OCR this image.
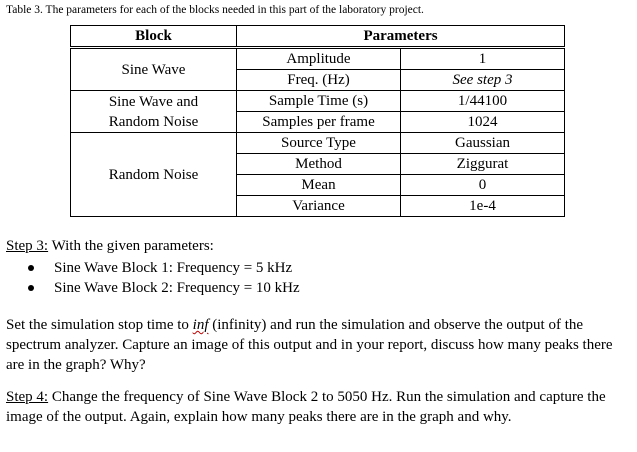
Table 3. The parameters for each of the blocks needed in this part of the laboratory project.
Block	Parameters	

Sine Wave	Amplitude	1
	Freq. (Hz)	See step 3

Sine Wave and
Random Noise	Sample Time (s)	1/44100
	Samples per frame	1024

Random Noise	Source Type	Gaussian
	Method	Ziggurat
	Mean	0
	Variance	1e-4
Step 3: With the given parameters:
Sine Wave Block 1: Frequency = 5 kHz
Sine Wave Block 2: Frequency = 10 kHz
Set the simulation stop time to inf (infinity) and run the simulation and observe the output of the spectrum analyzer. Capture an image of this output and in your report, discuss how many peaks there are in the graph? Why?
Step 4: Change the frequency of Sine Wave Block 2 to 5050 Hz. Run the simulation and capture the image of the output. Again, explain how many peaks there are in the graph and why.
